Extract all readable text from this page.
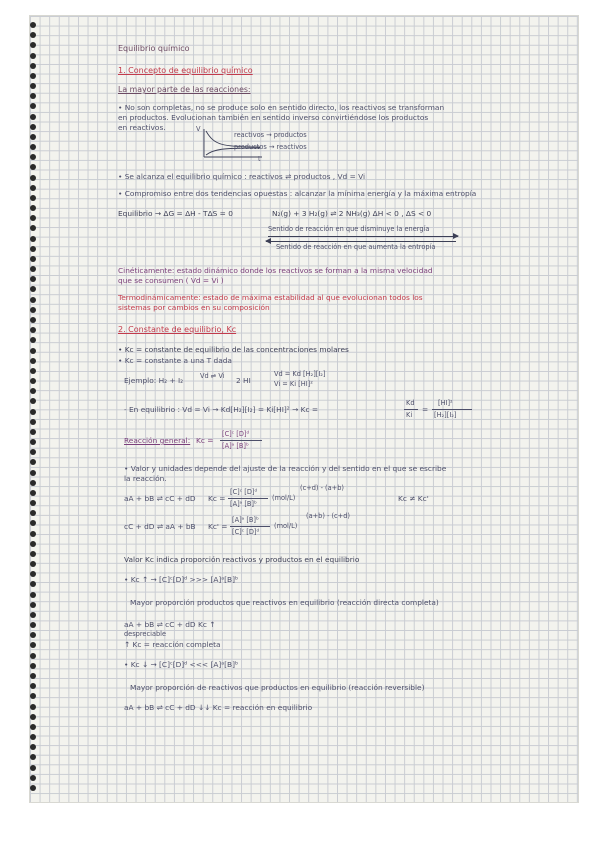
Equilibrio químico
1. Concepto de equilibrio químico
La mayor parte de las reacciones:
• No son completas, no se produce solo en sentido directo, los reactivos se transforman
en productos. Evolucionan también en sentido inverso convirtiéndose los productos
en reactivos.	V
t
reactivos → productos
productos → reactivos
• Se alcanza el equilibrio químico : reactivos ⇌ productos , Vd = Vi
• Compromiso entre dos tendencias opuestas : alcanzar la mínima energía y la máxima entropía
Equilibrio → ΔG = ΔH - TΔS = 0	N₂(g) + 3 H₂(g) ⇌ 2 NH₃(g) ΔH < 0 , ΔS < 0
Sentido de reacción en que disminuye la energía
Sentido de reacción en que aumenta la entropía
Cinéticamente: estado dinámico donde los reactivos se forman a la misma velocidad
que se consumen ( Vd = Vi )
Termodinámicamente: estado de máxima estabilidad al que evolucionan todos los
sistemas por cambios en su composición
2. Constante de equilibrio, Kc
• Kc = constante de equilibrio de las concentraciones molares
• Kc = constante a una T dada
Ejemplo: H₂ + I₂	Vd ⇌ Vi 2 HI
Vd = Kd [H₂][I₂]
Vi = Ki [HI]²
- En equilibrio : Vd = Vi → Kd[H₂][I₂] = Ki[HI]² → Kc =
Kd
Ki
=
[HI]²
[H₂][I₂]
Reacción general: Kc =
[C]ᶜ [D]ᵈ
[A]ᵃ [B]ᵇ
• Valor y unidades depende del ajuste de la reacción y del sentido en el que se escribe
la reacción.
aA + bB ⇌ cC + dD Kc =
[C]ᶜ [D]ᵈ
[A]ᵃ [B]ᵇ
(mol/L)
(c+d) - (a+b)
Kc ≠ Kc'
cC + dD ⇌ aA + bB Kc' =
[A]ᵃ [B]ᵇ
[C]ᶜ [D]ᵈ
(mol/L)
(a+b) - (c+d)
Valor Kc indica proporción reactivos y productos en el equilibrio
• Kc ↑ → [C]ᶜ[D]ᵈ >>> [A]ᵃ[B]ᵇ
Mayor proporción productos que reactivos en equilibrio (reacción directa completa)
aA + bB ⇌ cC + dD Kc ↑
despreciable
↑ Kc = reacción completa
• Kc ↓ → [C]ᶜ[D]ᵈ <<< [A]ᵃ[B]ᵇ
Mayor proporción de reactivos que productos en equilibrio (reacción reversible)
aA + bB ⇌ cC + dD ↓↓ Kc = reacción en equilibrio
